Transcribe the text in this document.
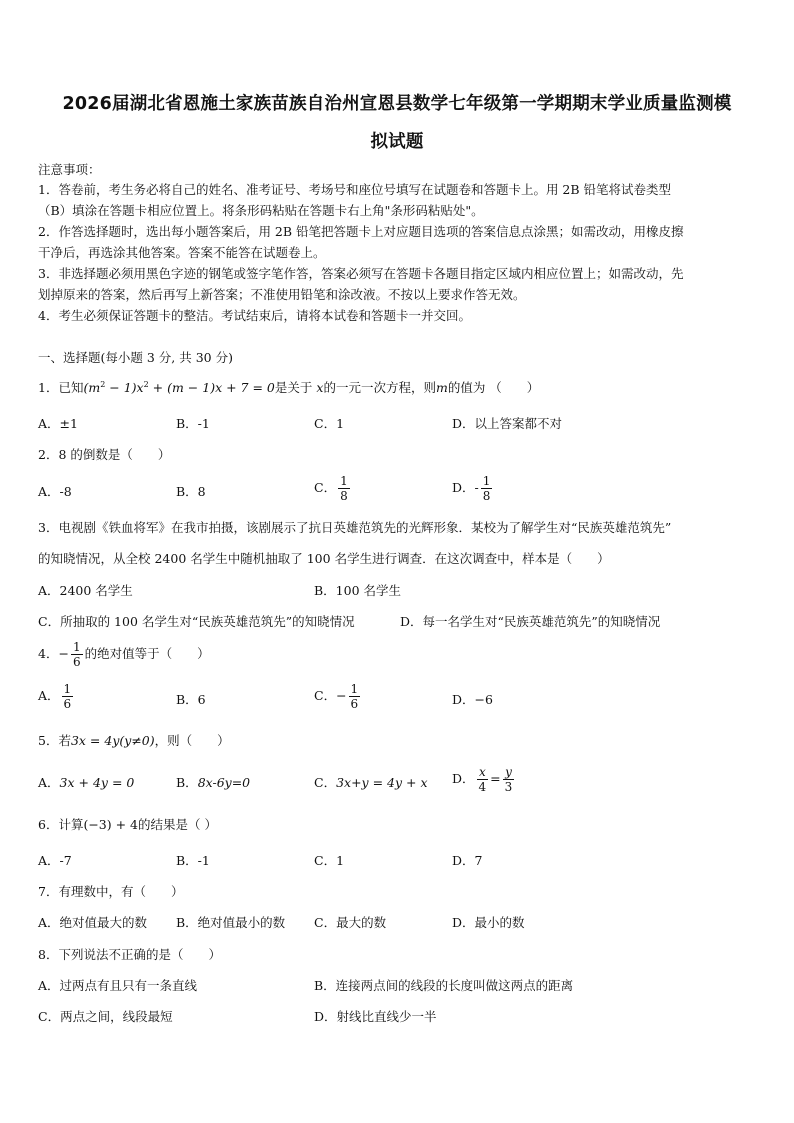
2026届湖北省恩施土家族苗族自治州宣恩县数学七年级第一学期期末学业质量监测模
拟试题
注意事项：
1．答卷前，考生务必将自己的姓名、准考证号、考场号和座位号填写在试题卷和答题卡上。用 2B 铅笔将试卷类型
（B）填涂在答题卡相应位置上。将条形码粘贴在答题卡右上角"条形码粘贴处"。
2．作答选择题时，选出每小题答案后，用 2B 铅笔把答题卡上对应题目选项的答案信息点涂黑；如需改动，用橡皮擦
干净后，再选涂其他答案。答案不能答在试题卷上。
3．非选择题必须用黑色字迹的钢笔或签字笔作答，答案必须写在答题卡各题目指定区域内相应位置上；如需改动，先
划掉原来的答案，然后再写上新答案；不准使用铅笔和涂改液。不按以上要求作答无效。
4．考生必须保证答题卡的整洁。考试结束后，请将本试卷和答题卡一并交回。
一、选择题(每小题 3 分, 共 30 分)
1．已知$(m^2 - 1)x^2 + (m - 1)x + 7 = 0$是关于 x的一元一次方程，则m的值为 （　　）
A．±1	B．-1	C．1	D．以上答案都不对
2．8 的倒数是（　　）
A．-8	B．8	C． $\frac{1}{8}$	D．- $\frac{1}{8}$
3．电视剧《铁血将军》在我市拍摄，该剧展示了抗日英雄范筑先的光辉形象．某校为了解学生对“民族英雄范筑先”
的知晓情况，从全校 2400 名学生中随机抽取了 100 名学生进行调查．在这次调查中，样本是（　　）
A．2400 名学生	B．100 名学生
C．所抽取的 100 名学生对“民族英雄范筑先”的知晓情况	D．每一名学生对“民族英雄范筑先”的知晓情况
4．− $\frac{1}{6}$ 的绝对值等于（　　）
A． $\frac{1}{6}$	B．6	C．− $\frac{1}{6}$	D．−6
5．若3x = 4y(y≠0)，则（　　）
A．3x + 4y = 0	B．8x-6y=0	C．3x+y = 4y + x D． $\frac{x}{4} = \frac{y}{3}$
6．计算(−3) + 4的结果是（ ）
A．-7	B．-1	C．1	D．7
7．有理数中，有（　　）
A．绝对值最大的数 B．绝对值最小的数 C．最大的数	D．最小的数
8．下列说法不正确的是（　　）
A．过两点有且只有一条直线	B．连接两点间的线段的长度叫做这两点的距离
C．两点之间，线段最短	D．射线比直线少一半
